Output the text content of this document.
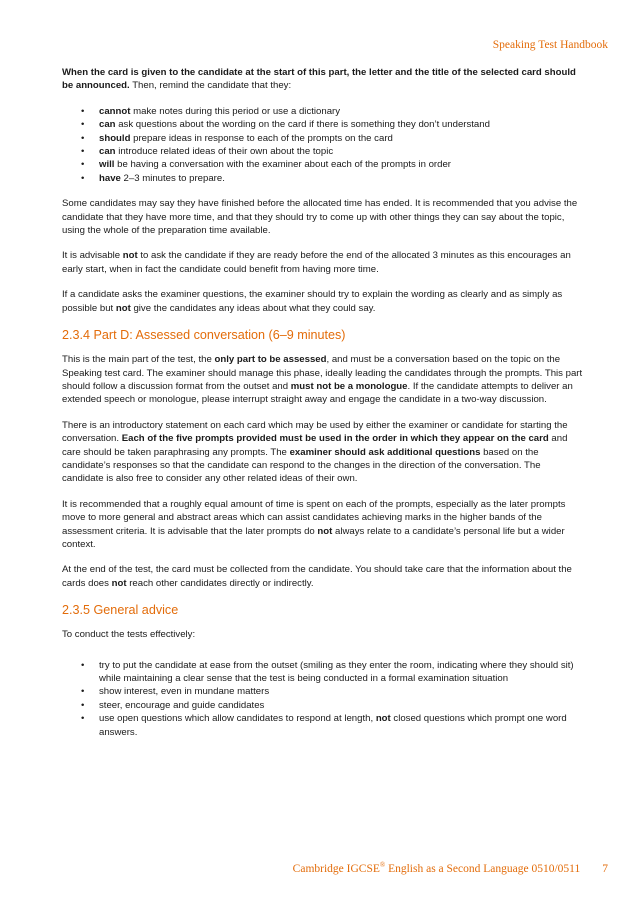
Speaking Test Handbook

When the card is given to the candidate at the start of this part, the letter and the title of the selected card should be announced. Then, remind the candidate that they:

• cannot make notes during this period or use a dictionary
• can ask questions about the wording on the card if there is something they don’t understand
• should prepare ideas in response to each of the prompts on the card
• can introduce related ideas of their own about the topic
• will be having a conversation with the examiner about each of the prompts in order
• have 2–3 minutes to prepare.

Some candidates may say they have finished before the allocated time has ended. It is recommended that you advise the candidate that they have more time, and that they should try to come up with other things they can say about the topic, using the whole of the preparation time available.

It is advisable not to ask the candidate if they are ready before the end of the allocated 3 minutes as this encourages an early start, when in fact the candidate could benefit from having more time.

If a candidate asks the examiner questions, the examiner should try to explain the wording as clearly and as simply as possible but not give the candidates any ideas about what they could say.

2.3.4 Part D: Assessed conversation (6–9 minutes)

This is the main part of the test, the only part to be assessed, and must be a conversation based on the topic on the Speaking test card. The examiner should manage this phase, ideally leading the candidates through the prompts. This part should follow a discussion format from the outset and must not be a monologue. If the candidate attempts to deliver an extended speech or monologue, please interrupt straight away and engage the candidate in a two-way discussion.

There is an introductory statement on each card which may be used by either the examiner or candidate for starting the conversation. Each of the five prompts provided must be used in the order in which they appear on the card and care should be taken paraphrasing any prompts. The examiner should ask additional questions based on the candidate’s responses so that the candidate can respond to the changes in the direction of the conversation. The candidate is also free to consider any other related ideas of their own.

It is recommended that a roughly equal amount of time is spent on each of the prompts, especially as the later prompts move to more general and abstract areas which can assist candidates achieving marks in the higher bands of the assessment criteria. It is advisable that the later prompts do not always relate to a candidate’s personal life but a wider context.

At the end of the test, the card must be collected from the candidate. You should take care that the information about the cards does not reach other candidates directly or indirectly.

2.3.5 General advice

To conduct the tests effectively:

• try to put the candidate at ease from the outset (smiling as they enter the room, indicating where they should sit) while maintaining a clear sense that the test is being conducted in a formal examination situation
• show interest, even in mundane matters
• steer, encourage and guide candidates
• use open questions which allow candidates to respond at length, not closed questions which prompt one word answers.
Cambridge IGCSE® English as a Second Language 0510/0511 7
